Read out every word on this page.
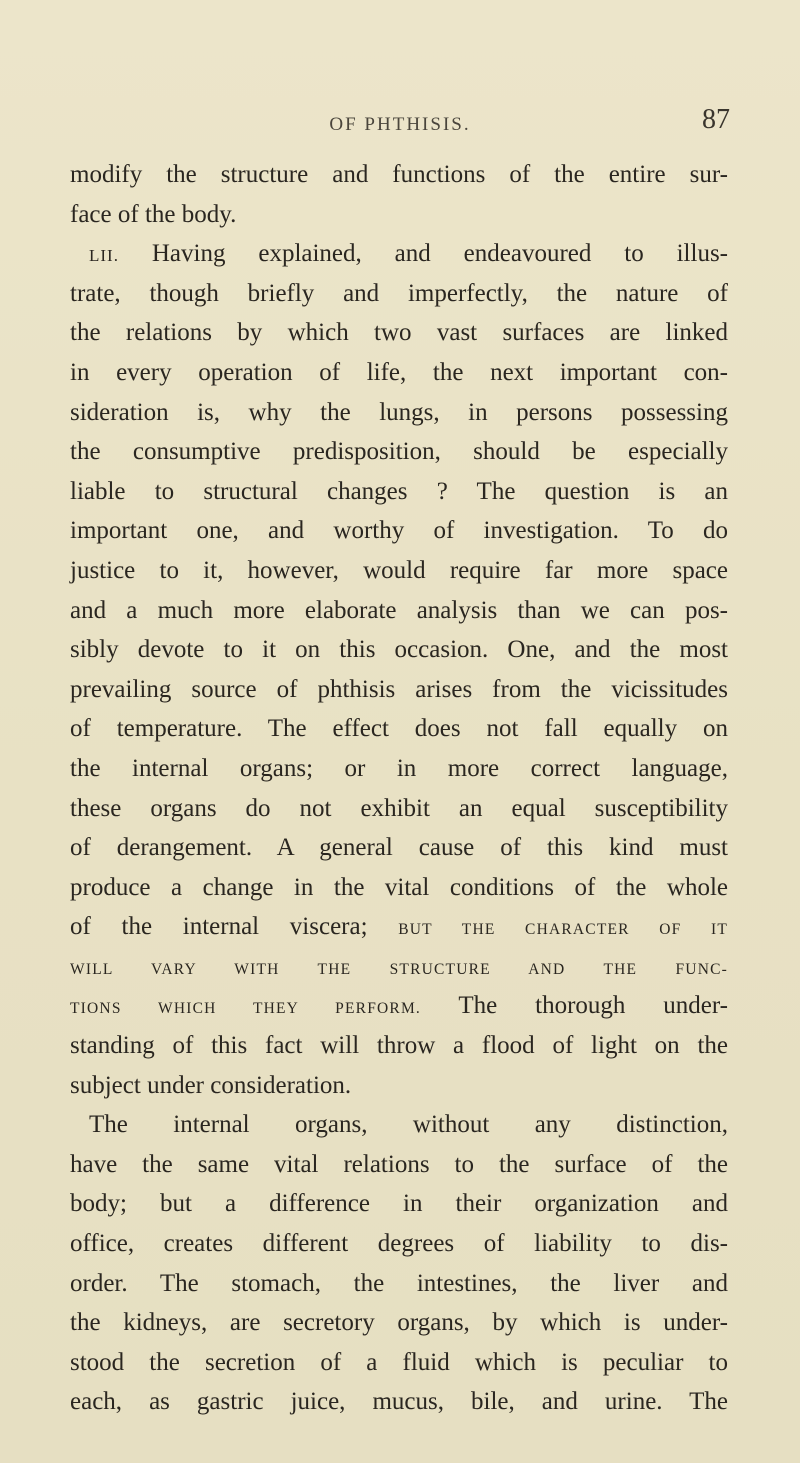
OF PHTHISIS.	87
modify the structure and functions of the entire sur-
face of the body.
LII. Having explained, and endeavoured to illus-
trate, though briefly and imperfectly, the nature of
the relations by which two vast surfaces are linked
in every operation of life, the next important con-
sideration is, why the lungs, in persons possessing
the consumptive predisposition, should be especially
liable to structural changes ? The question is an
important one, and worthy of investigation. To do
justice to it, however, would require far more space
and a much more elaborate analysis than we can pos-
sibly devote to it on this occasion. One, and the most
prevailing source of phthisis arises from the vicissitudes
of temperature. The effect does not fall equally on
the internal organs; or in more correct language,
these organs do not exhibit an equal susceptibility
of derangement. A general cause of this kind must
produce a change in the vital conditions of the whole
of the internal viscera; BUT THE CHARACTER OF IT
WILL VARY WITH THE STRUCTURE AND THE FUNC-
TIONS WHICH THEY PERFORM. The thorough under-
standing of this fact will throw a flood of light on the
subject under consideration.
The internal organs, without any distinction,
have the same vital relations to the surface of the
body; but a difference in their organization and
office, creates different degrees of liability to dis-
order. The stomach, the intestines, the liver and
the kidneys, are secretory organs, by which is under-
stood the secretion of a fluid which is peculiar to
each, as gastric juice, mucus, bile, and urine. The
